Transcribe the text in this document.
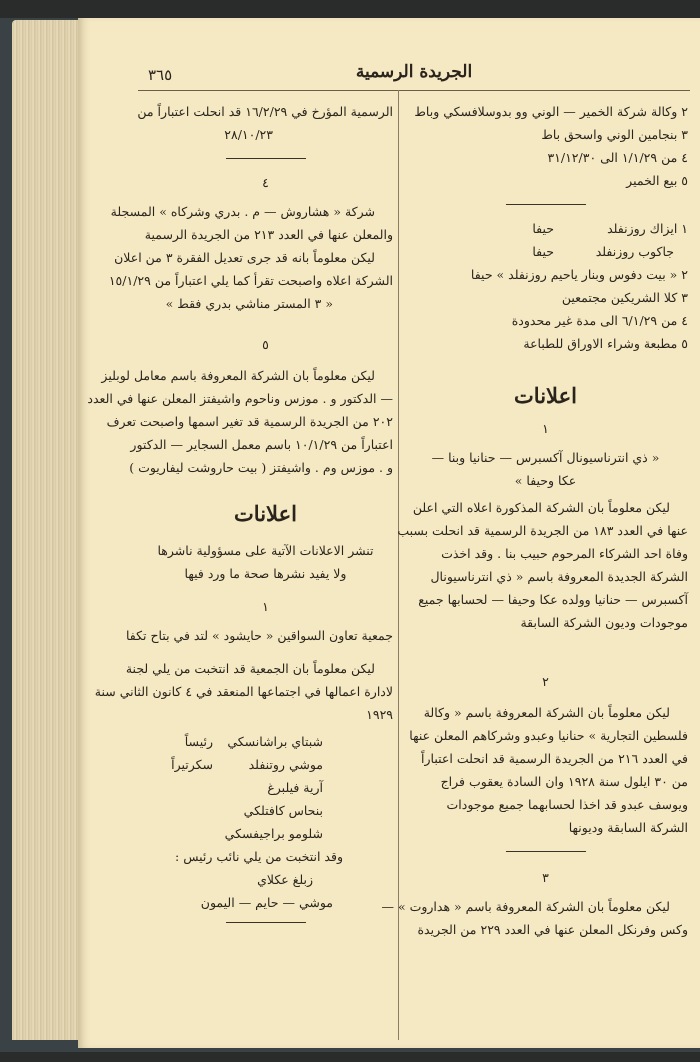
٣٦٥	الجريدة الرسمية
٢ وكالة شركة الخمير — الوني وو بدوسلافسكي وباط
٣ بنجامين الوني واسحق باط
٤ من ١/١/٢٩ الى ٣١/١٢/٣٠
٥ بيع الخمير
١ ايزاك روزنفلد حيفا
جاكوب روزنفلد حيفا
٢ « بيت دفوس وبنار ياحيم روزنفلد » حيفا
٣ كلا الشريكين مجتمعين
٤ من ٦/١/٢٩ الى مدة غير محدودة
٥ مطبعة وشراء الاوراق للطباعة
اعلانات
١
« ذي انترناسيونال آكسبرس — حنانيا وبنا —
عكا وحيفا »
ليكن معلوماً بان الشركة المذكورة اعلاه التي اعلن
عنها في العدد ١٨٣ من الجريدة الرسمية قد انحلت بسبب
وفاة احد الشركاء المرحوم حبيب بنا . وقد اخذت
الشركة الجديدة المعروفة باسم « ذي انترناسيونال
آكسبرس — حنانيا وولده عكا وحيفا — لحسابها جميع
موجودات وديون الشركة السابقة
٢
ليكن معلوماً بان الشركة المعروفة باسم « وكالة
فلسطين التجارية » حنانيا وعبدو وشركاهم المعلن عنها
في العدد ٢١٦ من الجريدة الرسمية قد انحلت اعتباراً
من ٣٠ ايلول سنة ١٩٢٨ وان السادة يعقوب فراج
ويوسف عبدو قد اخذا لحسابهما جميع موجودات
الشركة السابقة وديونها
٣
ليكن معلوماً بان الشركة المعروفة باسم « هداروت » —
وكس وفرنكل المعلن عنها في العدد ٢٢٩ من الجريدة
الرسمية المؤرخ في ١٦/٢/٢٩ قد انحلت اعتباراً من
٢٨/١٠/٢٣
٤
شركة « هشاروش — م . بدري وشركاه » المسجلة
والمعلن عنها في العدد ٢١٣ من الجريدة الرسمية
ليكن معلوماً بانه قد جرى تعديل الفقرة ٣ من اعلان
الشركة اعلاه واصبحت تقرأ كما يلي اعتباراً من ١٥/١/٢٩
« ٣ المستر مناشي بدري فقط »
٥
ليكن معلوماً بان الشركة المعروفة باسم معامل لوبليز
— الدكتور و . موزس وناحوم واشيفتز المعلن عنها في العدد
٢٠٢ من الجريدة الرسمية قد تغير اسمها واصبحت تعرف
اعتباراً من ١٠/١/٢٩ باسم معمل السجاير — الدكتور
و . موزس وم . واشيفتز ( بيت حاروشت ليفاريوت )
اعلانات
تنشر الاعلانات الآتية على مسؤولية ناشرها
ولا يفيد نشرها صحة ما ورد فيها
١
جمعية تعاون السواقين « حايشود » لتد في بتاح تكفا
ليكن معلوماً بان الجمعية قد انتخبت من يلي لجنة
لادارة اعمالها في اجتماعها المنعقد في ٤ كانون الثاني سنة
١٩٢٩
شبتاي براشانسكي
رئيساً
موشي روتنفلد
سكرتيراً
آرية فيلبرغ
بنحاس كافتلكي
شلومو براجيفسكي
وقد انتخبت من يلي نائب رئيس :
زبلغ عكلاي
موشي — حايم — اليمون
